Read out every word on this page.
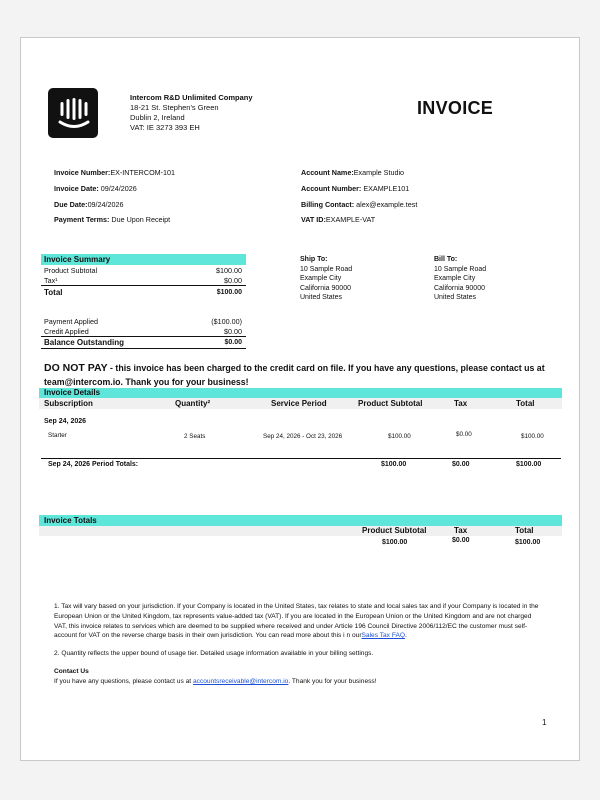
Intercom R&D Unlimited Company
18-21 St. Stephen's Green
Dublin 2, Ireland
VAT: IE 3273 393 EH
INVOICE
Invoice Number:EX-INTERCOM-101
Invoice Date: 09/24/2026
Due Date:09/24/2026
Payment Terms: Due Upon Receipt
Account Name:Example Studio
Account Number: EXAMPLE101
Billing Contact: alex@example.test
VAT ID:EXAMPLE-VAT
Invoice Summary
Product Subtotal	$100.00
Tax¹	$0.00
Total	$100.00
Payment Applied	($100.00)
Credit Applied	$0.00
Balance Outstanding	$0.00
Ship To:
10 Sample Road
Example City
California 90000
United States
Bill To:
10 Sample Road
Example City
California 90000
United States
DO NOT PAY - this invoice has been charged to the credit card on file. If you have any questions, please contact us at
team@intercom.io. Thank you for your business!
Invoice Details
Subscription	Quantity²	Service Period	Product Subtotal	Tax	Total
Sep 24, 2026
Starter	2 Seats	Sep 24, 2026 - Oct 23, 2026	$100.00	$0.00	$100.00
Sep 24, 2026 Period Totals:	$100.00	$0.00	$100.00
Invoice Totals
Product Subtotal	Tax	Total
$100.00	$0.00	$100.00
1. Tax will vary based on your jurisdiction. If your Company is located in the United States, tax relates to state and local sales tax and if your Company is located in the European Union or the United Kingdom, tax represents value-added tax (VAT). If you are located in the European Union or the United Kingdom and are not charged VAT, this invoice relates to services which are deemed to be supplied where received and under Article 196 Council Directive 2006/112/EC the customer must self-account for VAT on the reverse charge basis in their own jurisdiction. You can read more about this i n ourSales Tax FAQ.
2. Quantity reflects the upper bound of usage tier. Detailed usage information available in your billing settings.
Contact Us
If you have any questions, please contact us at accountsreceivable@intercom.io. Thank you for your business!
1
